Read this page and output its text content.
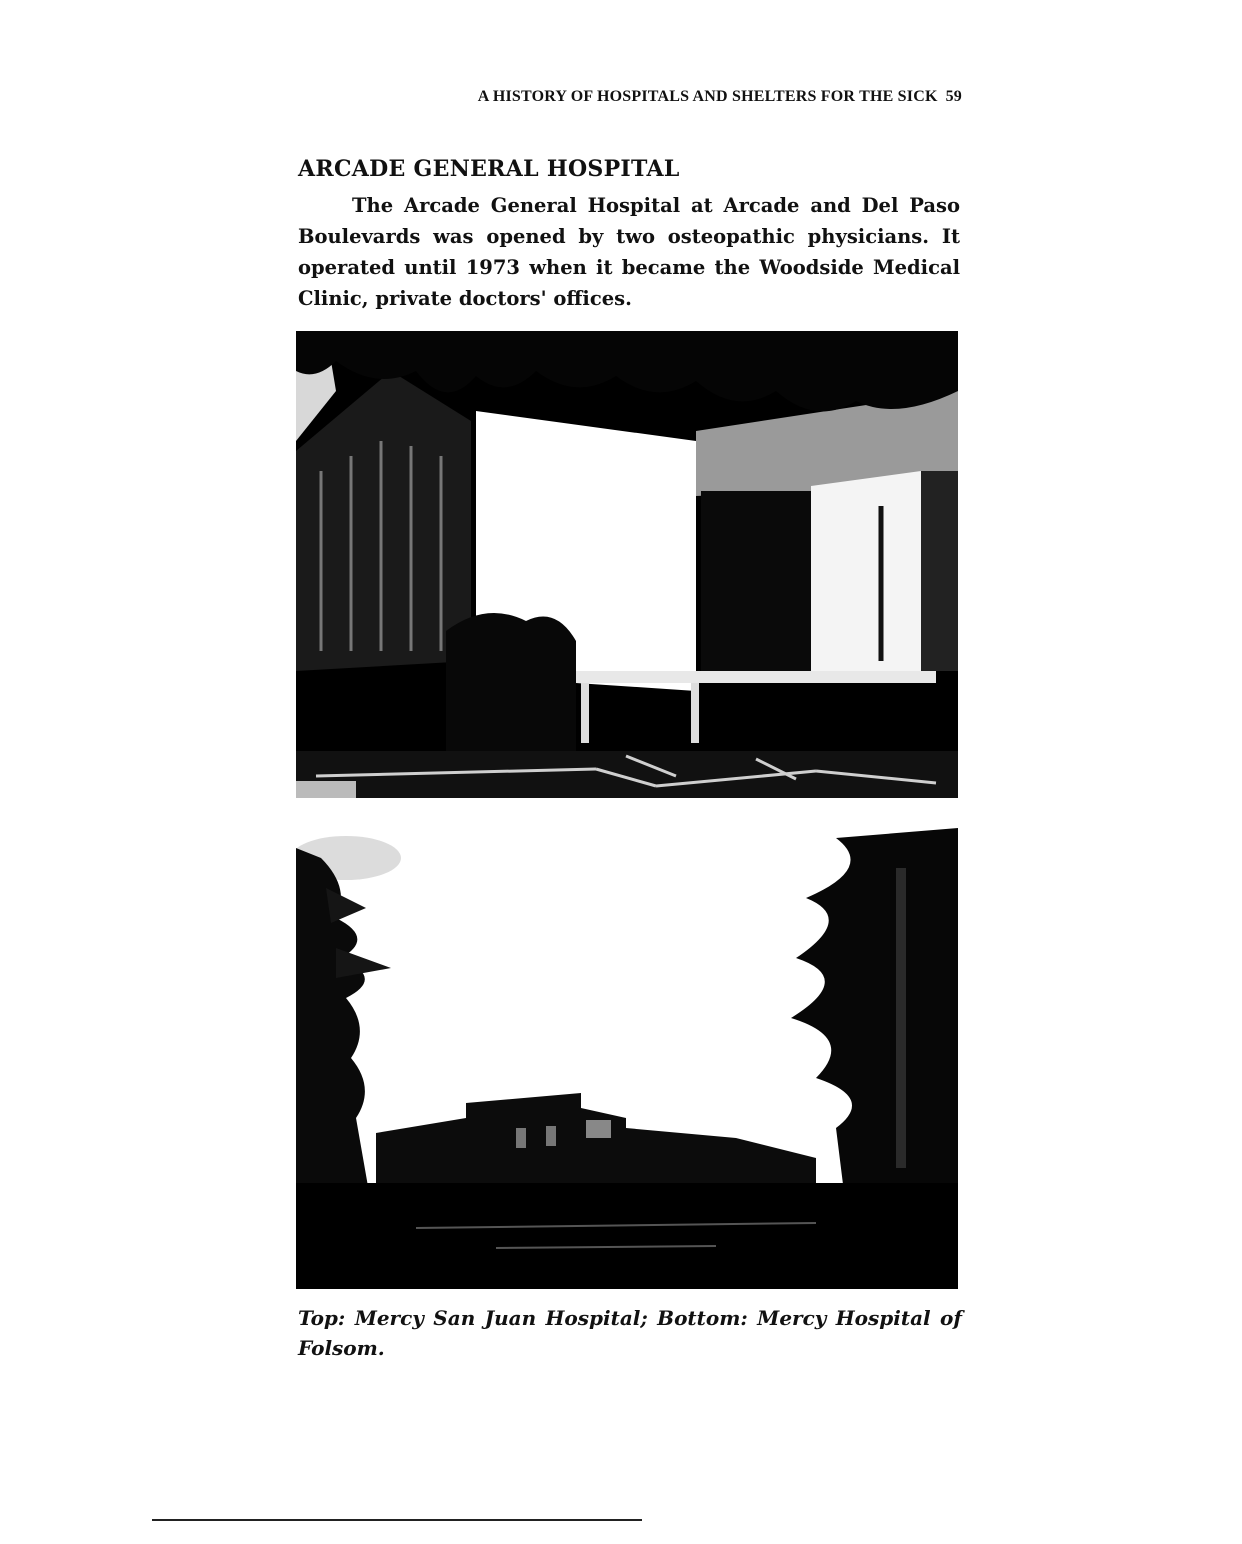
A HISTORY OF HOSPITALS AND SHELTERS FOR THE SICK 59
ARCADE GENERAL HOSPITAL

The Arcade General Hospital at Arcade and Del Paso Boulevards was opened by two osteopathic physicians. It operated until 1973 when it became the Woodside Medical Clinic, private doctors' offices.

Top: Mercy San Juan Hospital; Bottom: Mercy Hospital of Folsom.
